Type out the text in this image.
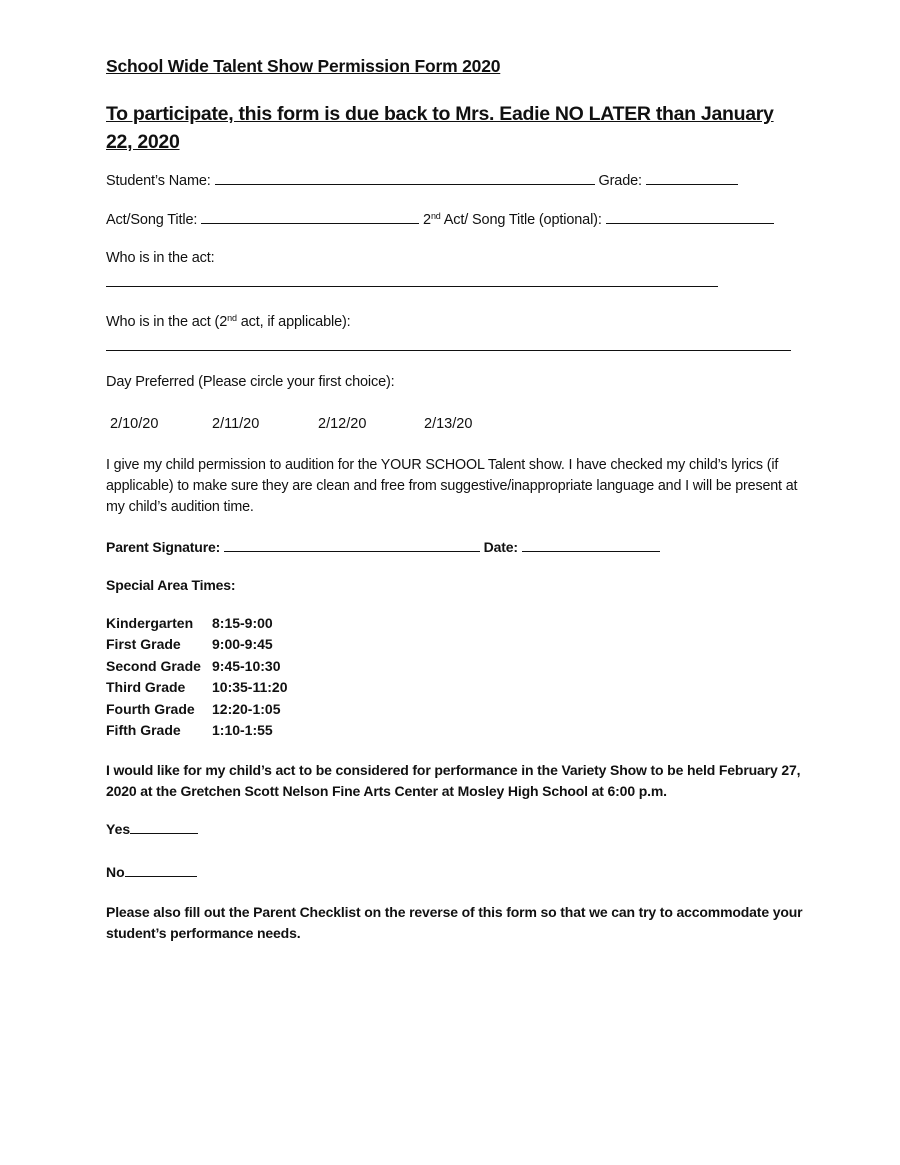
School Wide Talent Show Permission Form 2020
To participate, this form is due back to Mrs. Eadie NO LATER than January 22, 2020
Student’s Name:	Grade:
Act/Song Title:	2nd Act/ Song Title (optional):
Who is in the act:
Who is in the act (2nd act, if applicable):
Day Preferred (Please circle your first choice):
2/10/20	2/11/20	2/12/20	2/13/20
I give my child permission to audition for the YOUR SCHOOL Talent show. I have checked my child’s lyrics (if applicable) to make sure they are clean and free from suggestive/inappropriate language and I will be present at my child’s audition time.
Parent Signature:	Date:
Special Area Times:
Kindergarten 8:15-9:00
First Grade 9:00-9:45
Second Grade 9:45-10:30
Third Grade 10:35-11:20
Fourth Grade 12:20-1:05
Fifth Grade 1:10-1:55
I would like for my child’s act to be considered for performance in the Variety Show to be held February 27, 2020 at the Gretchen Scott Nelson Fine Arts Center at Mosley High School at 6:00 p.m.
Yes
No
Please also fill out the Parent Checklist on the reverse of this form so that we can try to accommodate your student’s performance needs.
